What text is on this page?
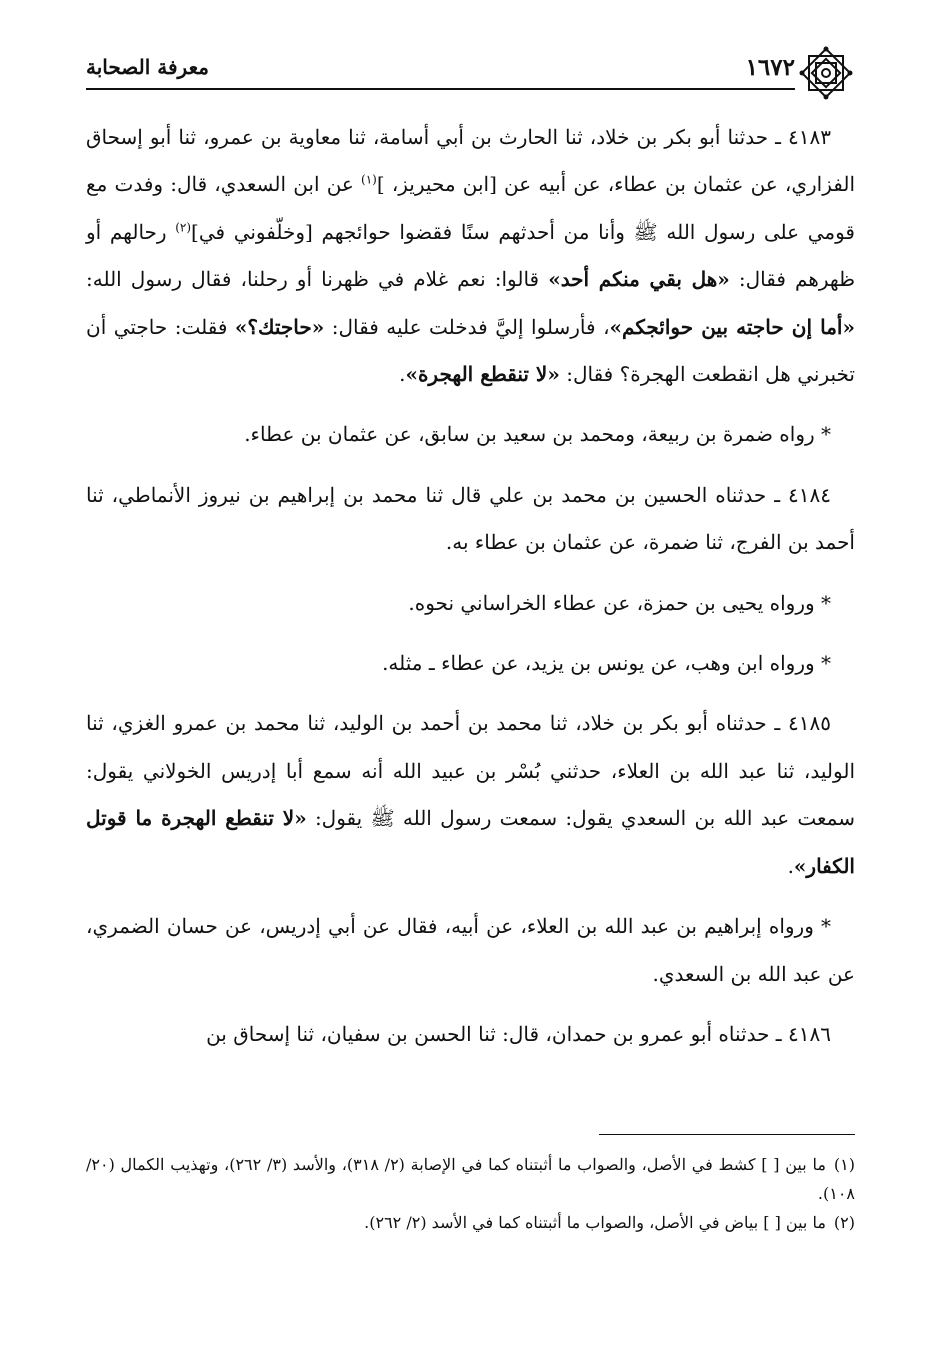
١٦٧٢
معرفة الصحابة

٤١٨٣ ـ حدثنا أبو بكر بن خلاد، ثنا الحارث بن أبي أسامة، ثنا معاوية بن عمرو، ثنا أبو إسحاق الفزاري، عن عثمان بن عطاء، عن أبيه عن [ابن محيريز، ]$^{(١)}$ عن ابن السعدي، قال: وفدت مع قومي على رسول الله ﷺ وأنا من أحدثهم سنًا فقضوا حوائجهم [وخلّفوني في]$^{(٢)}$ رحالهم أو ظهرهم فقال: «هل بقي منكم أحد» قالوا: نعم غلام في ظهرنا أو رحلنا، فقال رسول الله: «أما إن حاجته بين حوائجكم»، فأرسلوا إليَّ فدخلت عليه فقال: «حاجتك؟» فقلت: حاجتي أن تخبرني هل انقطعت الهجرة؟ فقال: «لا تنقطع الهجرة».

* رواه ضمرة بن ربيعة، ومحمد بن سعيد بن سابق، عن عثمان بن عطاء.

٤١٨٤ ـ حدثناه الحسين بن محمد بن علي قال ثنا محمد بن إبراهيم بن نيروز الأنماطي، ثنا أحمد بن الفرج، ثنا ضمرة، عن عثمان بن عطاء به.

* ورواه يحيى بن حمزة، عن عطاء الخراساني نحوه.

* ورواه ابن وهب، عن يونس بن يزيد، عن عطاء ـ مثله.

٤١٨٥ ـ حدثناه أبو بكر بن خلاد، ثنا محمد بن أحمد بن الوليد، ثنا محمد بن عمرو الغزي، ثنا الوليد، ثنا عبد الله بن العلاء، حدثني بُسْر بن عبيد الله أنه سمع أبا إدريس الخولاني يقول: سمعت عبد الله بن السعدي يقول: سمعت رسول الله ﷺ يقول: «لا تنقطع الهجرة ما قوتل الكفار».

* ورواه إبراهيم بن عبد الله بن العلاء، عن أبيه، فقال عن أبي إدريس، عن حسان الضمري، عن عبد الله بن السعدي.

٤١٨٦ ـ حدثناه أبو عمرو بن حمدان، قال: ثنا الحسن بن سفيان، ثنا إسحاق بن

(١)ما بين [ ] كشط في الأصل، والصواب ما أثبتناه كما في الإصابة (٢/ ٣١٨)، والأسد (٣/ ٢٦٢)، وتهذيب الكمال (٢٠/ ١٠٨).

(٢)ما بين [ ] بياض في الأصل، والصواب ما أثبتناه كما في الأسد (٢/ ٢٦٢).
